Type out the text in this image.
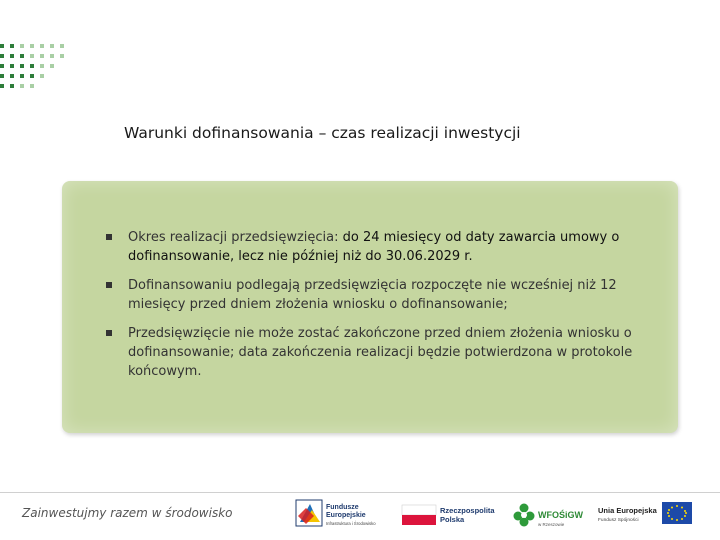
Warunki dofinansowania – czas realizacji inwestycji
Okres realizacji przedsięwzięcia: do 24 miesięcy od daty zawarcia umowy o dofinansowanie, lecz nie później niż do 30.06.2029 r.
Dofinansowaniu podlegają przedsięwzięcia rozpoczęte nie wcześniej niż 12 miesięcy przed dniem złożenia wniosku o dofinansowanie;
Przedsięwzięcie nie może zostać zakończone przed dniem złożenia wniosku o dofinansowanie; data zakończenia realizacji będzie potwierdzona w protokole końcowym.
Zainwestujmy razem w środowisko	Fundusze
Europejskie
Infrastruktura i Środowisko
Rzeczpospolita
Polska	WFOŚiGW
w Rzeszowie
Unia Europejska
Fundusz Spójności
